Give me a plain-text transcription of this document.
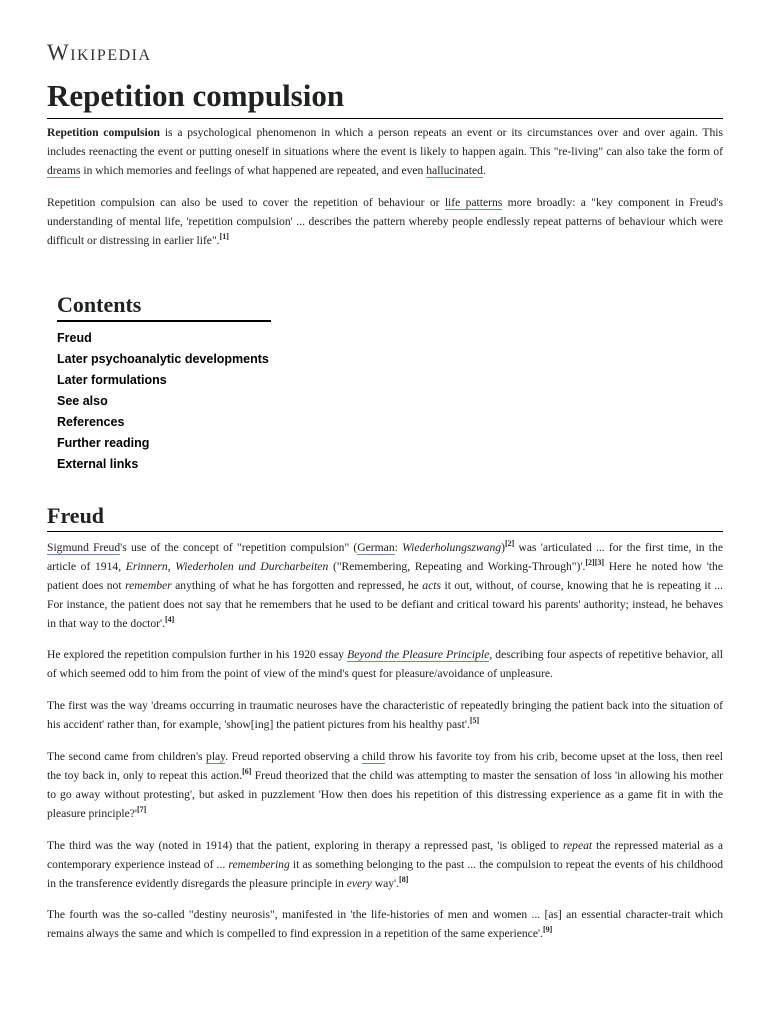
Wikipedia
Repetition compulsion

Repetition compulsion is a psychological phenomenon in which a person repeats an event or its circumstances over and over again. This includes reenacting the event or putting oneself in situations where the event is likely to happen again. This "re-living" can also take the form of dreams in which memories and feelings of what happened are repeated, and even hallucinated.

Repetition compulsion can also be used to cover the repetition of behaviour or life patterns more broadly: a "key component in Freud's understanding of mental life, 'repetition compulsion' ... describes the pattern whereby people endlessly repeat patterns of behaviour which were difficult or distressing in earlier life".[1]

Contents
Freud
Later psychoanalytic developments
Later formulations
See also
References
Further reading
External links
Freud

Sigmund Freud's use of the concept of "repetition compulsion" (German: Wiederholungszwang)[2] was 'articulated ... for the first time, in the article of 1914, Erinnern, Wiederholen und Durcharbeiten ("Remembering, Repeating and Working-Through")'.[2][3] Here he noted how 'the patient does not remember anything of what he has forgotten and repressed, he acts it out, without, of course, knowing that he is repeating it ... For instance, the patient does not say that he remembers that he used to be defiant and critical toward his parents' authority; instead, he behaves in that way to the doctor'.[4]

He explored the repetition compulsion further in his 1920 essay Beyond the Pleasure Principle, describing four aspects of repetitive behavior, all of which seemed odd to him from the point of view of the mind's quest for pleasure/avoidance of unpleasure.

The first was the way 'dreams occurring in traumatic neuroses have the characteristic of repeatedly bringing the patient back into the situation of his accident' rather than, for example, 'show[ing] the patient pictures from his healthy past'.[5]

The second came from children's play. Freud reported observing a child throw his favorite toy from his crib, become upset at the loss, then reel the toy back in, only to repeat this action.[6] Freud theorized that the child was attempting to master the sensation of loss 'in allowing his mother to go away without protesting', but asked in puzzlement 'How then does his repetition of this distressing experience as a game fit in with the pleasure principle?'[7]

The third was the way (noted in 1914) that the patient, exploring in therapy a repressed past, 'is obliged to repeat the repressed material as a contemporary experience instead of ... remembering it as something belonging to the past ... the compulsion to repeat the events of his childhood in the transference evidently disregards the pleasure principle in every way'.[8]

The fourth was the so-called "destiny neurosis", manifested in 'the life-histories of men and women ... [as] an essential character-trait which remains always the same and which is compelled to find expression in a repetition of the same experience'.[9]
